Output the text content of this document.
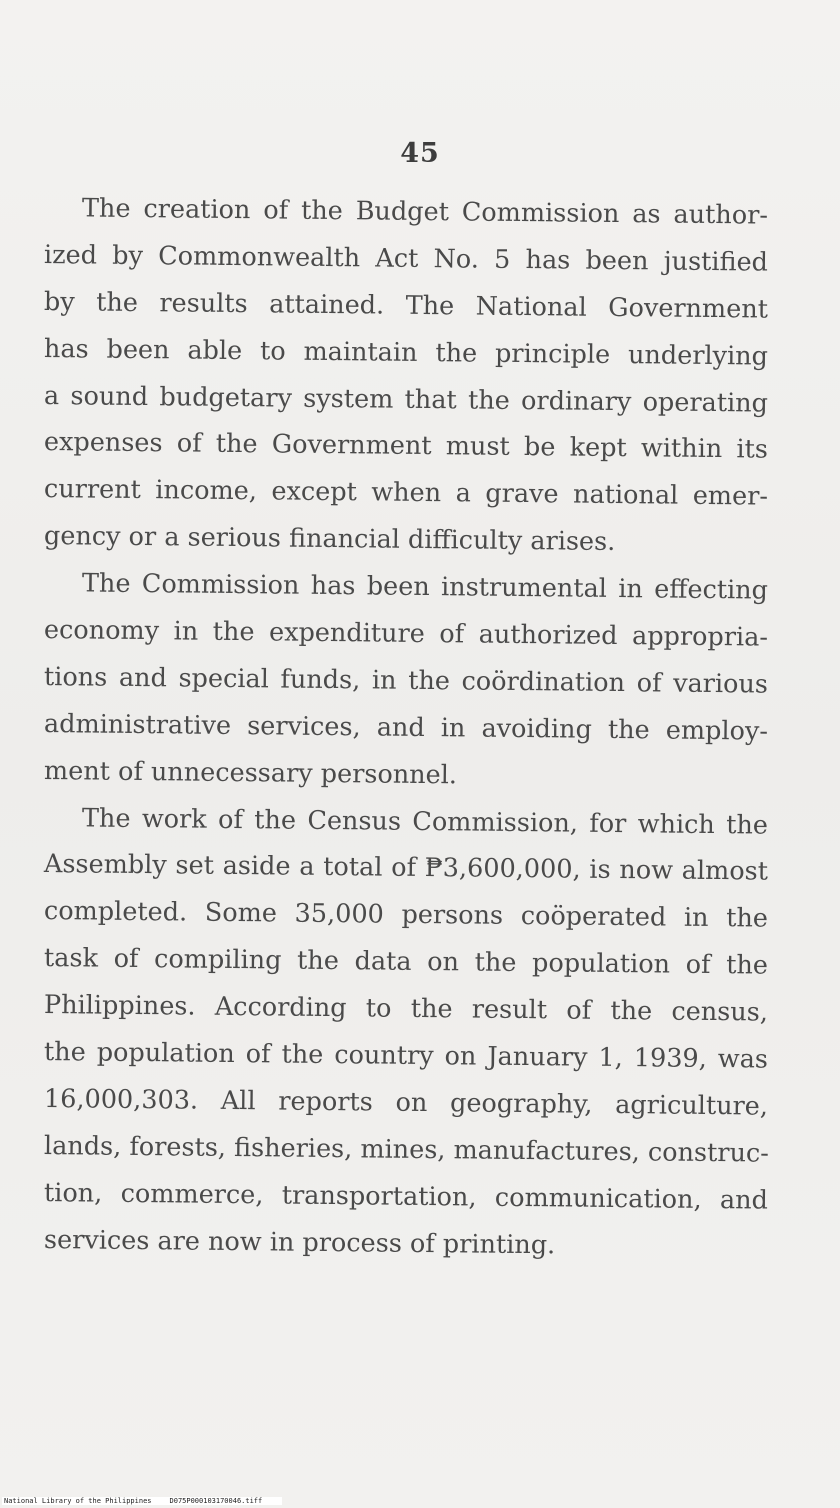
45
The creation of the Budget Commission as author-
ized by Commonwealth Act No. 5 has been justified
by the results attained. The National Government
has been able to maintain the principle underlying
a sound budgetary system that the ordinary operating
expenses of the Government must be kept within its
current income, except when a grave national emer-
gency or a serious financial difficulty arises.
The Commission has been instrumental in effecting
economy in the expenditure of authorized appropria-
tions and special funds, in the coördination of various
administrative services, and in avoiding the employ-
ment of unnecessary personnel.
The work of the Census Commission, for which the
Assembly set aside a total of ₱3,600,000, is now almost
completed. Some 35,000 persons coöperated in the
task of compiling the data on the population of the
Philippines. According to the result of the census,
the population of the country on January 1, 1939, was
16,000,303. All reports on geography, agriculture,
lands, forests, fisheries, mines, manufactures, construc-
tion, commerce, transportation, communication, and
services are now in process of printing.
National Library of the Philippines	D075P000103170046.tiff
